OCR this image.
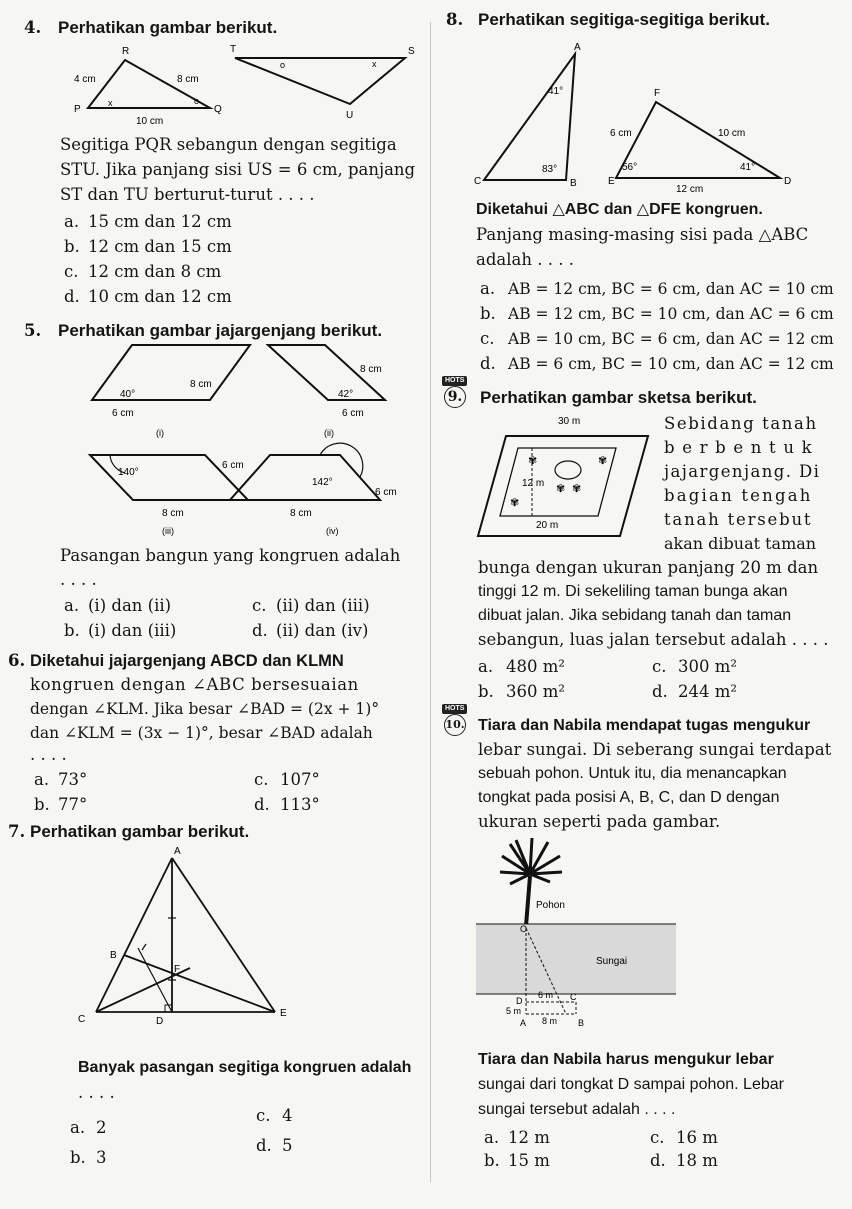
4. Perhatikan gambar berikut.
R
P	Q
4 cm	8 cm
10 cm
x	o
T	S
U
o	x
Segitiga PQR sebangun dengan segitiga
STU. Jika panjang sisi US = 6 cm, panjang
ST dan TU berturut-turut . . . .
a. 15 cm dan 12 cm
b. 12 cm dan 15 cm
c. 12 cm dan 8 cm
d. 10 cm dan 12 cm
5. Perhatikan gambar jajargenjang berikut.
40°
8 cm
6 cm
(i)
8 cm
42°
6 cm
(ii)
140°
6 cm
8 cm
(iii)
142°
6 cm
8 cm
(iv)
Pasangan bangun yang kongruen adalah
. . . .
a. (i) dan (ii)
b. (i) dan (iii)
c. (ii) dan (iii)
d. (ii) dan (iv)
6. Diketahui jajargenjang ABCD dan KLMN
kongruen dengan ∠ABC bersesuaian
dengan ∠KLM. Jika besar ∠BAD = (2x + 1)°
dan ∠KLM = (3x − 1)°, besar ∠BAD adalah
. . . .
a. 73°
b. 77°
c. 107°
d. 113°
7. Perhatikan gambar berikut.
A
B
F
C	D
E
Banyak pasangan segitiga kongruen adalah
. . . .
a. 2
b. 3
c. 4
d. 5
8. Perhatikan segitiga-segitiga berikut.
A
C	B
41°
83°
F
E	D
6 cm	10 cm
12 cm
56°	41°
Diketahui △ABC dan △DFE kongruen.
Panjang masing-masing sisi pada △ABC
adalah . . . .
a. AB = 12 cm, BC = 6 cm, dan AC = 10 cm
b. AB = 12 cm, BC = 10 cm, dan AC = 6 cm
c. AB = 10 cm, BC = 6 cm, dan AC = 12 cm
d. AB = 6 cm, BC = 10 cm, dan AC = 12 cm
HOTS
9. Perhatikan gambar sketsa berikut.
30 m
12 m
20 m
✾	✾
✾ ✾
✾
Sebidang tanah
b e r b e n t u k
jajargenjang. Di
bagian tengah
tanah tersebut
akan dibuat taman
bunga dengan ukuran panjang 20 m dan
tinggi 12 m. Di sekeliling taman bunga akan
dibuat jalan. Jika sebidang tanah dan taman
sebangun, luas jalan tersebut adalah . . . .
a. 480 m²
b. 360 m²
c. 300 m²
d. 244 m²
HOTS
10. Tiara dan Nabila mendapat tugas mengukur
lebar sungai. Di seberang sungai terdapat
sebuah pohon. Untuk itu, dia menancapkan
tongkat pada posisi A, B, C, dan D dengan
ukuran seperti pada gambar.
Pohon
O
Sungai
D
6 m C
5 m
A 8 m B
Tiara dan Nabila harus mengukur lebar
sungai dari tongkat D sampai pohon. Lebar
sungai tersebut adalah . . . .
a. 12 m
b. 15 m
c. 16 m
d. 18 m
